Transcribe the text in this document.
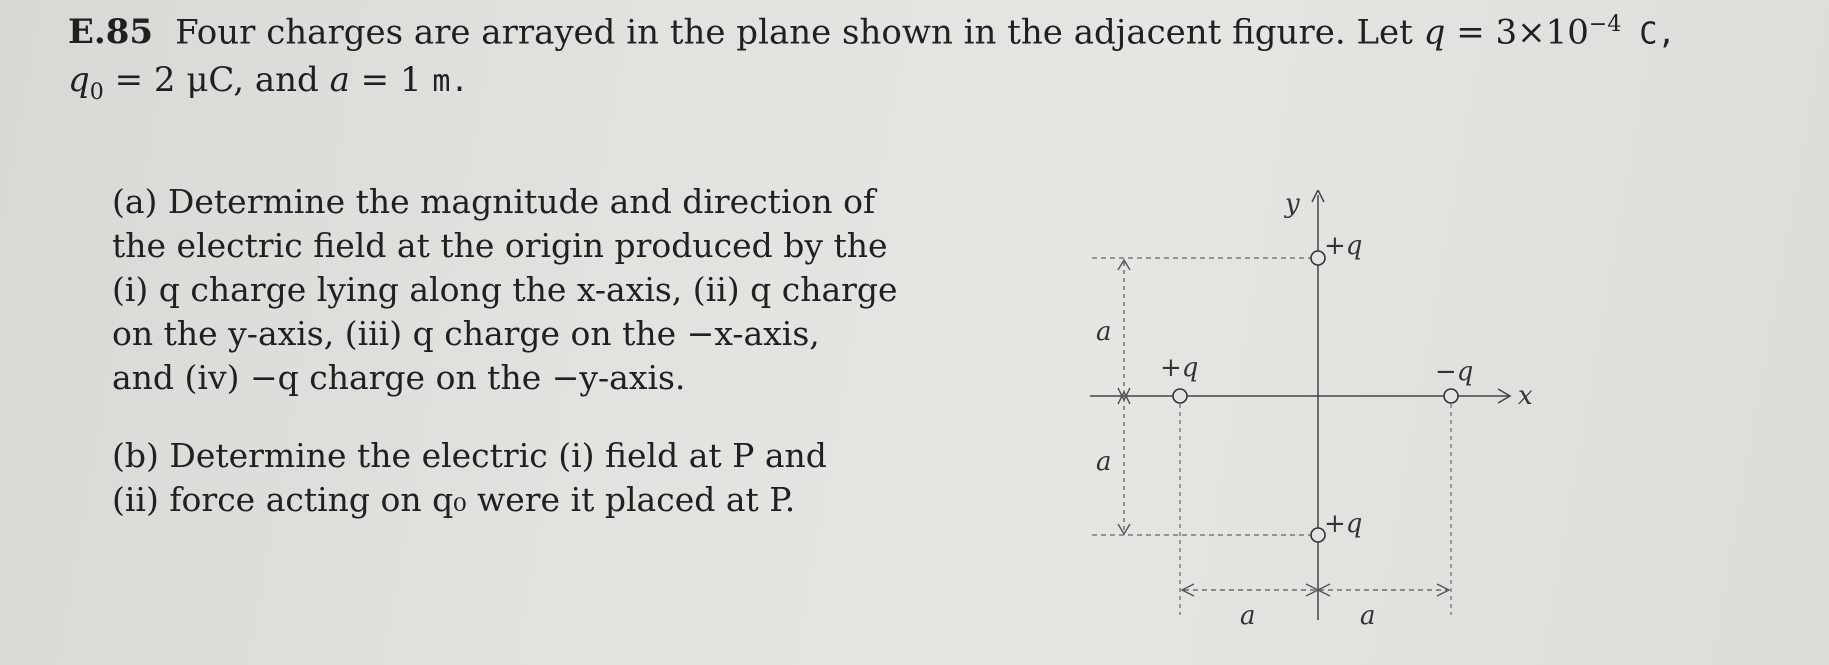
E.85 Four charges are arrayed in the plane shown in the adjacent figure. Let $q = 3\times 10^{-4}$ C,
$q_0 = 2$ μC, and a = 1 m.
(a) Determine the magnitude and direction of
the electric field at the origin produced by the
(i) q charge lying along the x-axis, (ii) q charge
on the y-axis, (iii) q charge on the −x-axis,
and (iv) −q charge on the −y-axis.
(b) Determine the electric (i) field at P and
(ii) force acting on q₀ were it placed at P.
x
y
a
a
a	a
+q
+q	−q
+q
